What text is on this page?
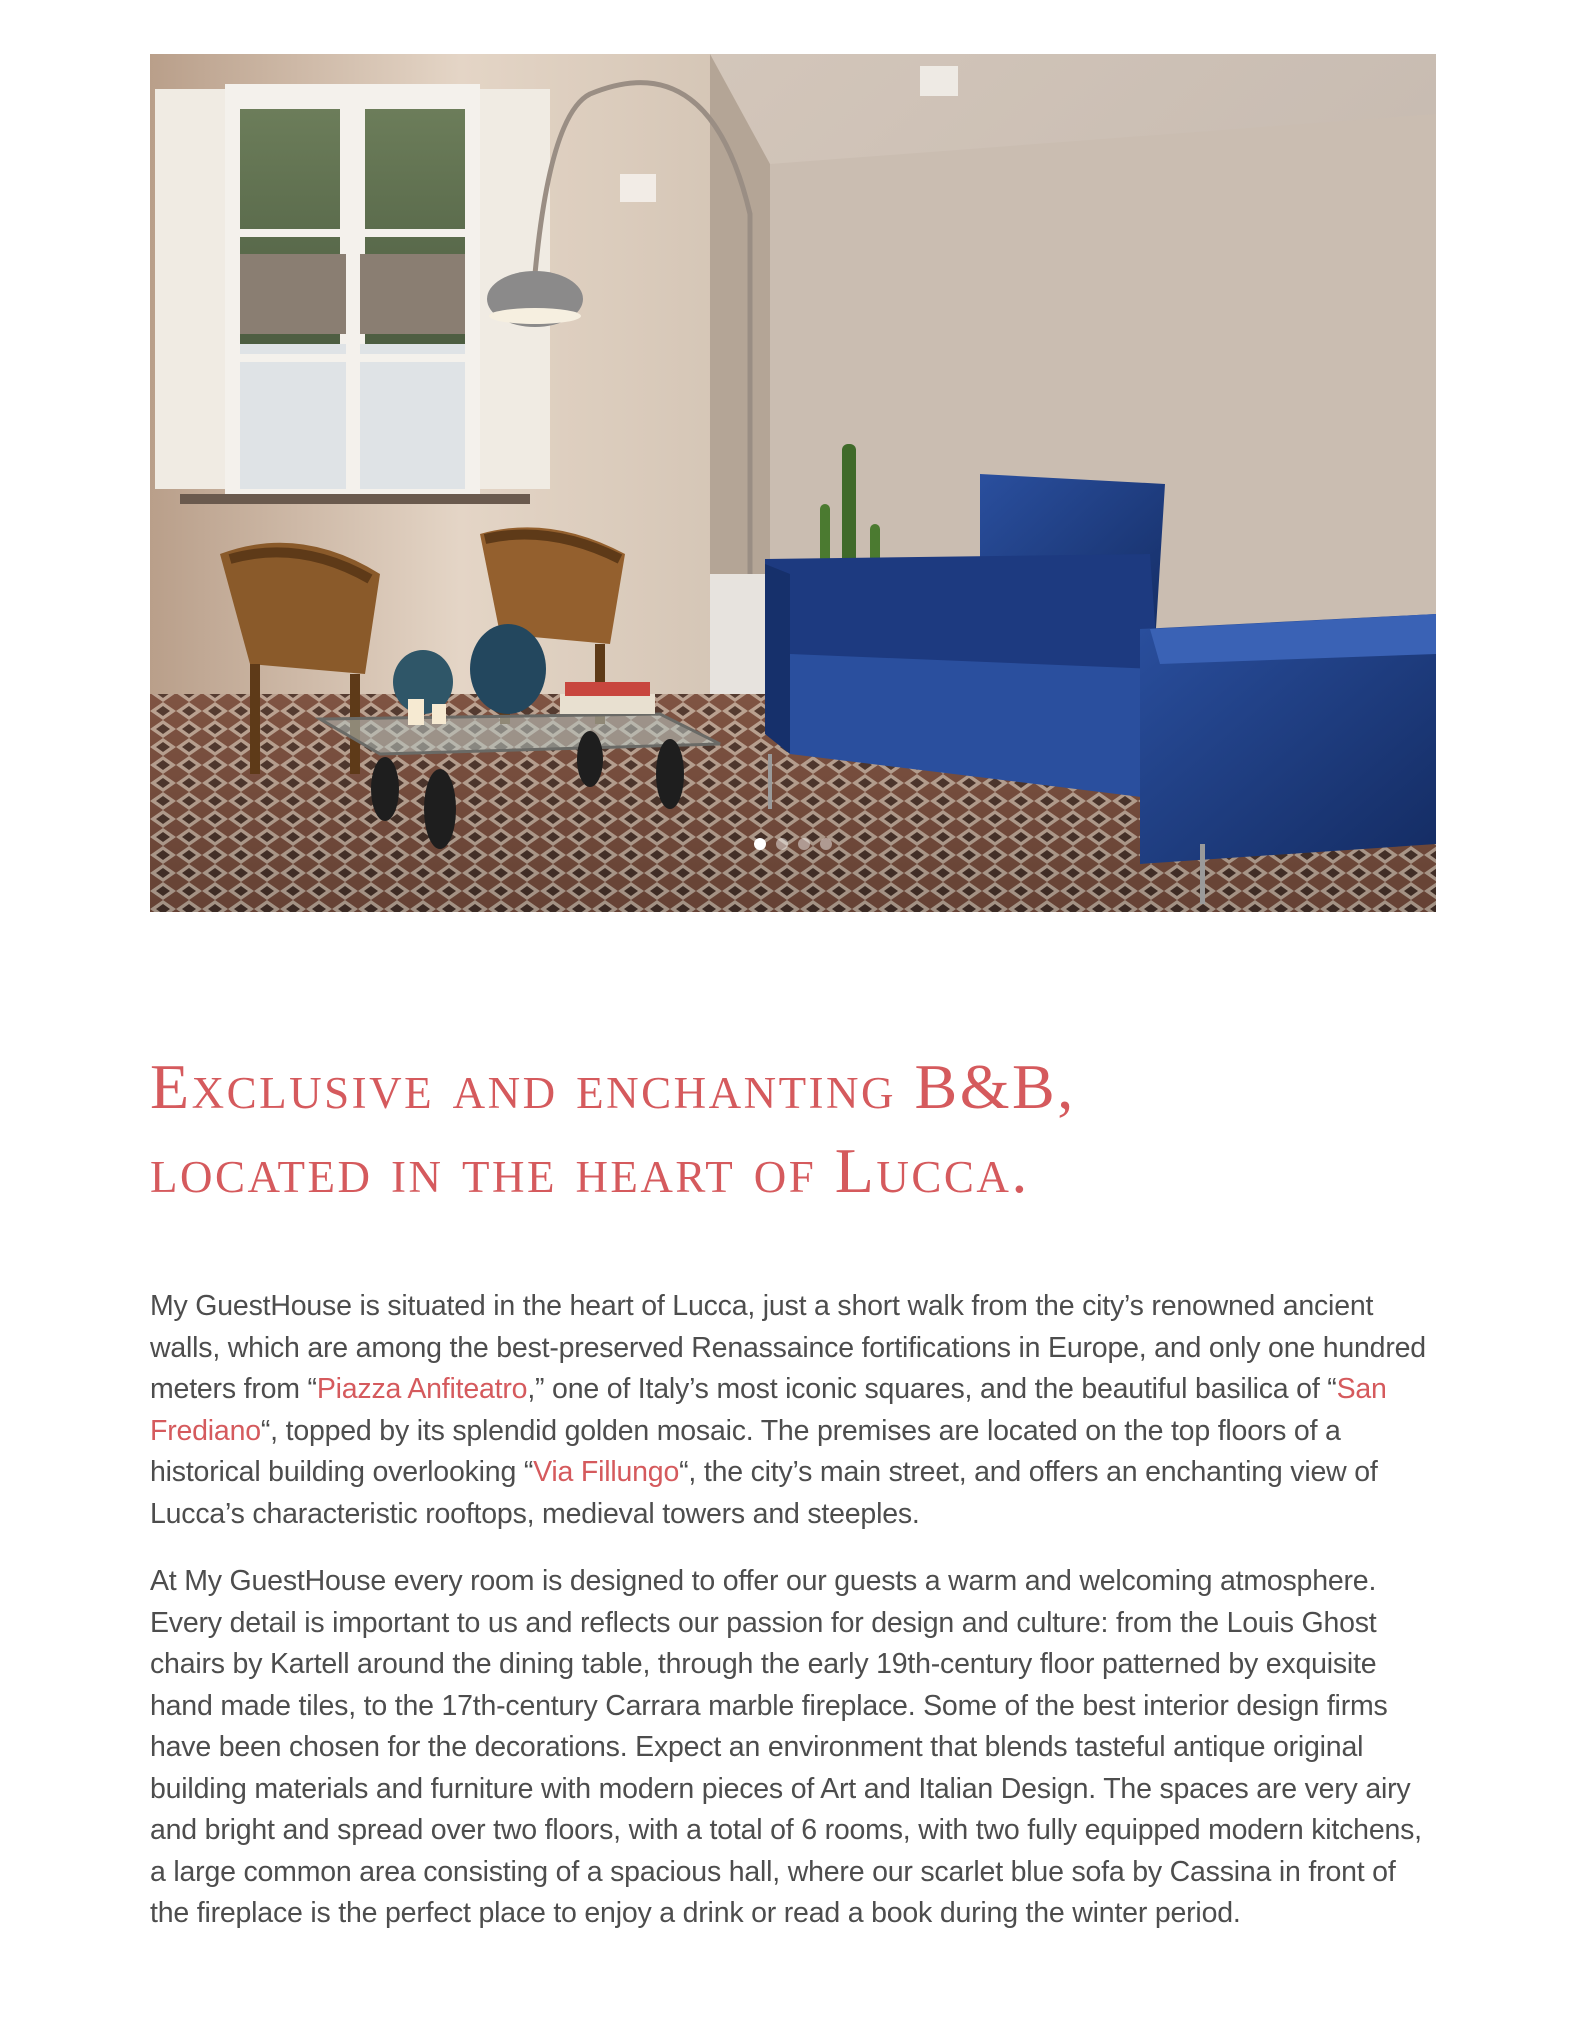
Exclusive and enchanting B&B,
located in the heart of Lucca.

My GuestHouse is situated in the heart of Lucca, just a short walk from the city’s renowned ancient walls, which are among the best-preserved Renassaince fortifications in Europe, and only one hundred meters from “Piazza Anfiteatro,” one of Italy’s most iconic squares, and the beautiful basilica of “San Frediano“, topped by its splendid golden mosaic. The premises are located on the top floors of a historical building overlooking “Via Fillungo“, the city’s main street, and offers an enchanting view of Lucca’s characteristic rooftops, medieval towers and steeples.

At My GuestHouse every room is designed to offer our guests a warm and welcoming atmosphere. Every detail is important to us and reflects our passion for design and culture: from the Louis Ghost chairs by Kartell around the dining table, through the early 19th-century floor patterned by exquisite hand made tiles, to the 17th-century Carrara marble fireplace. Some of the best interior design firms have been chosen for the decorations. Expect an environment that blends tasteful antique original building materials and furniture with modern pieces of Art and Italian Design. The spaces are very airy and bright and spread over two floors, with a total of 6 rooms, with two fully equipped modern kitchens, a large common area consisting of a spacious hall, where our scarlet blue sofa by Cassina in front of the fireplace is the perfect place to enjoy a drink or read a book during the winter period.
